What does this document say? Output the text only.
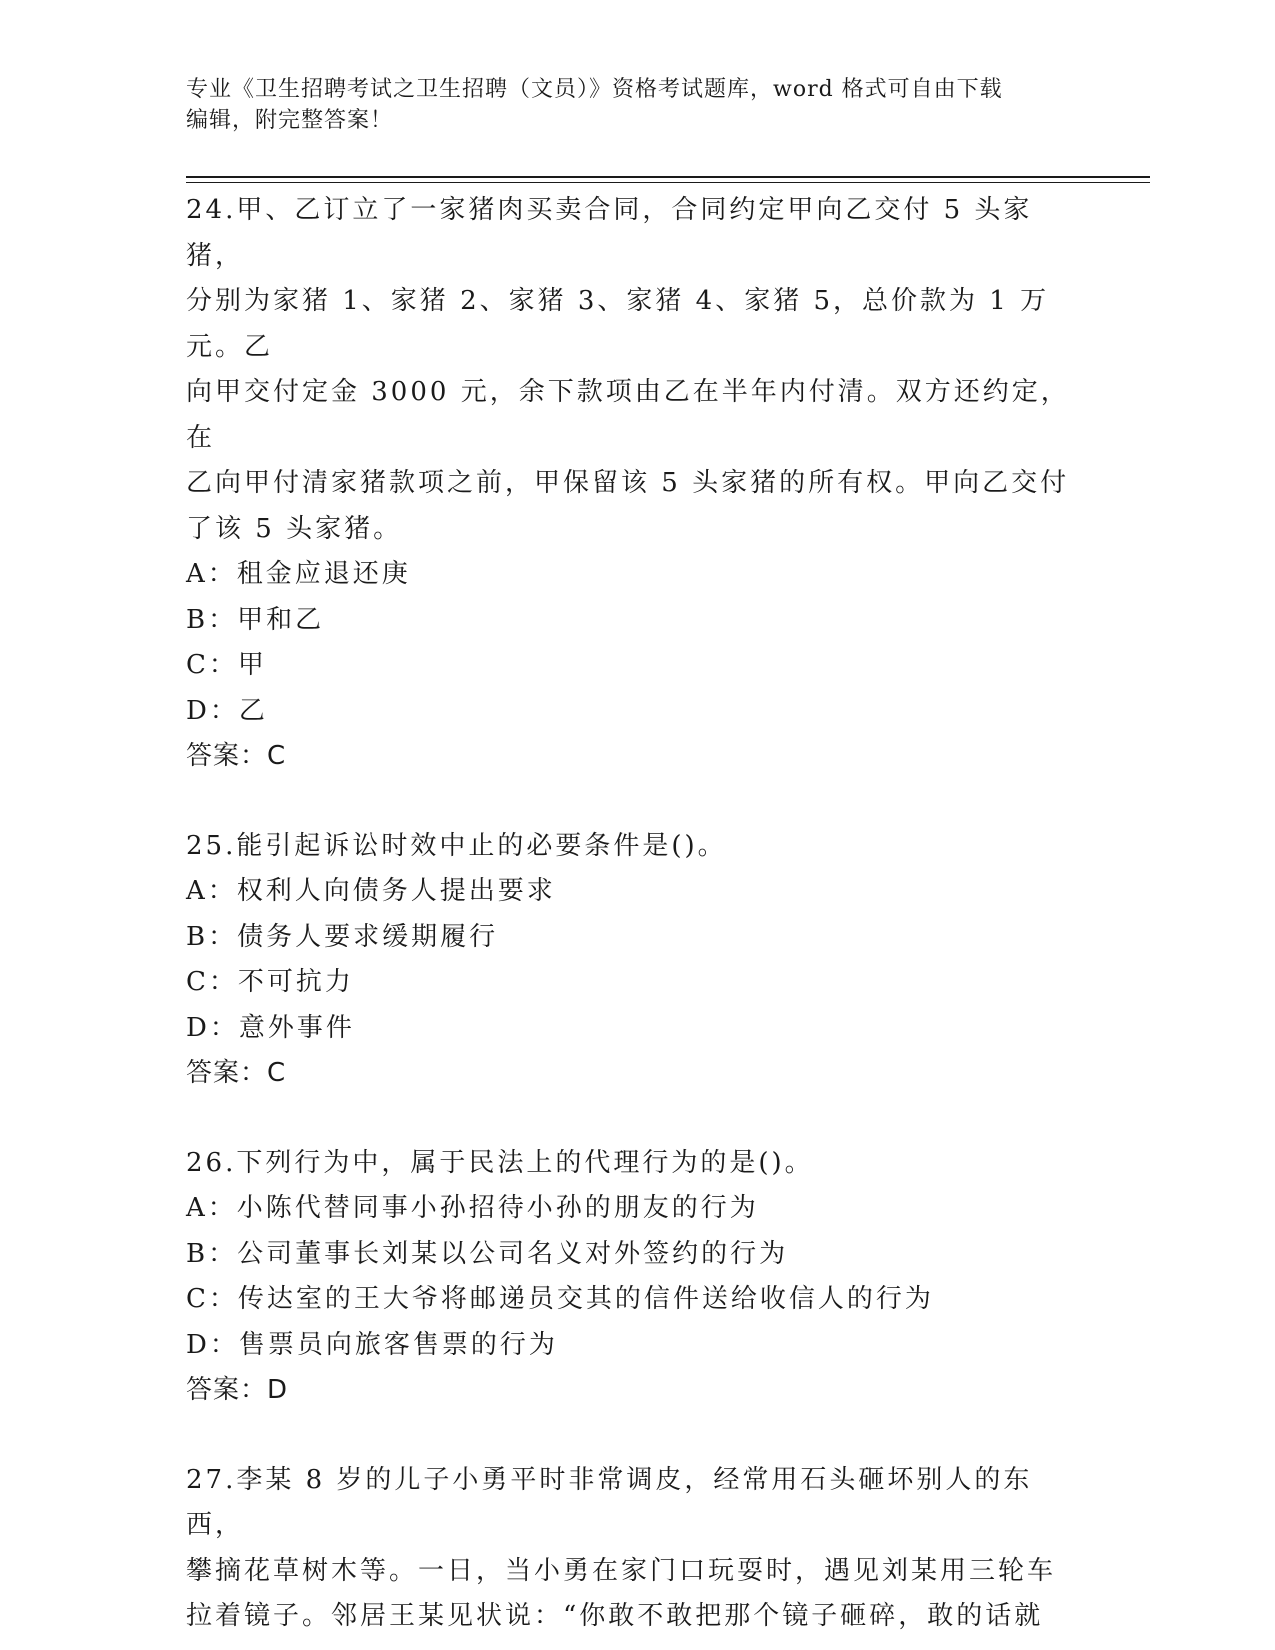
专业《卫生招聘考试之卫生招聘（文员）》资格考试题库，word 格式可自由下载
编辑，附完整答案！
24.甲、乙订立了一家猪肉买卖合同，合同约定甲向乙交付 5 头家猪，
分别为家猪 1、家猪 2、家猪 3、家猪 4、家猪 5，总价款为 1 万元。乙
向甲交付定金 3000 元，余下款项由乙在半年内付清。双方还约定，在
乙向甲付清家猪款项之前，甲保留该 5 头家猪的所有权。甲向乙交付
了该 5 头家猪。
A：租金应退还庚
B：甲和乙
C：甲
D：乙
答案：C
25.能引起诉讼时效中止的必要条件是()。
A：权利人向债务人提出要求
B：债务人要求缓期履行
C：不可抗力
D：意外事件
答案：C
26.下列行为中，属于民法上的代理行为的是()。
A：小陈代替同事小孙招待小孙的朋友的行为
B：公司董事长刘某以公司名义对外签约的行为
C：传达室的王大爷将邮递员交其的信件送给收信人的行为
D：售票员向旅客售票的行为
答案：D
27.李某 8 岁的儿子小勇平时非常调皮，经常用石头砸坏别人的东西，
攀摘花草树木等。一日，当小勇在家门口玩耍时，遇见刘某用三轮车
拉着镜子。邻居王某见状说：“你敢不敢把那个镜子砸碎，敢的话就
